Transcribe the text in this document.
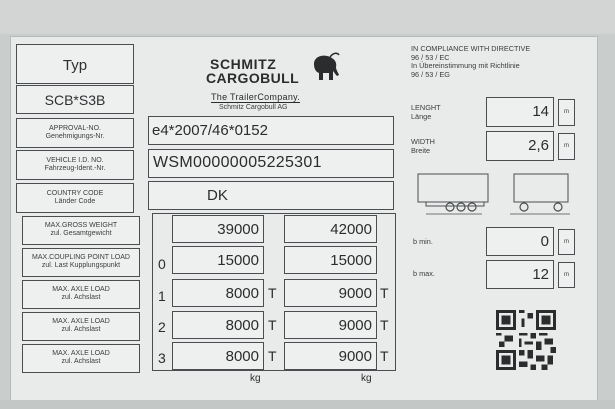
Typ
SCB*S3B
SCHMITZ
CARGOBULL
The TrailerCompany.
Schmitz Cargobull AG
IN COMPLIANCE WITH DIRECTIVE
96 / 53 / EC
In Übereinstimmung mit Richtlinie
96 / 53 / EG
APPROVAL-NO.
Genehmigungs-Nr.	e4*2007/46*0152
VEHICLE I.D. NO.
Fahrzeug-Ident.-Nr.	WSM00000005225301
COUNTRY CODE
Länder Code	DK
MAX.GROSS WEIGHT
zul. Gesamtgewicht	39000	42000
MAX.COUPLING POINT LOAD
zul. Last Kupplungspunkt	0	15000	15000
MAX. AXLE LOAD
zul. Achslast	1	8000 T	9000 T
MAX. AXLE LOAD
zul. Achslast	2	8000 T	9000 T
MAX. AXLE LOAD
zul. Achslast	3	8000 T	9000 T
kg	kg
LENGHT
Länge	14	m
WIDTH
Breite	2,6	m
b min.	0	m
b max.	12	m
